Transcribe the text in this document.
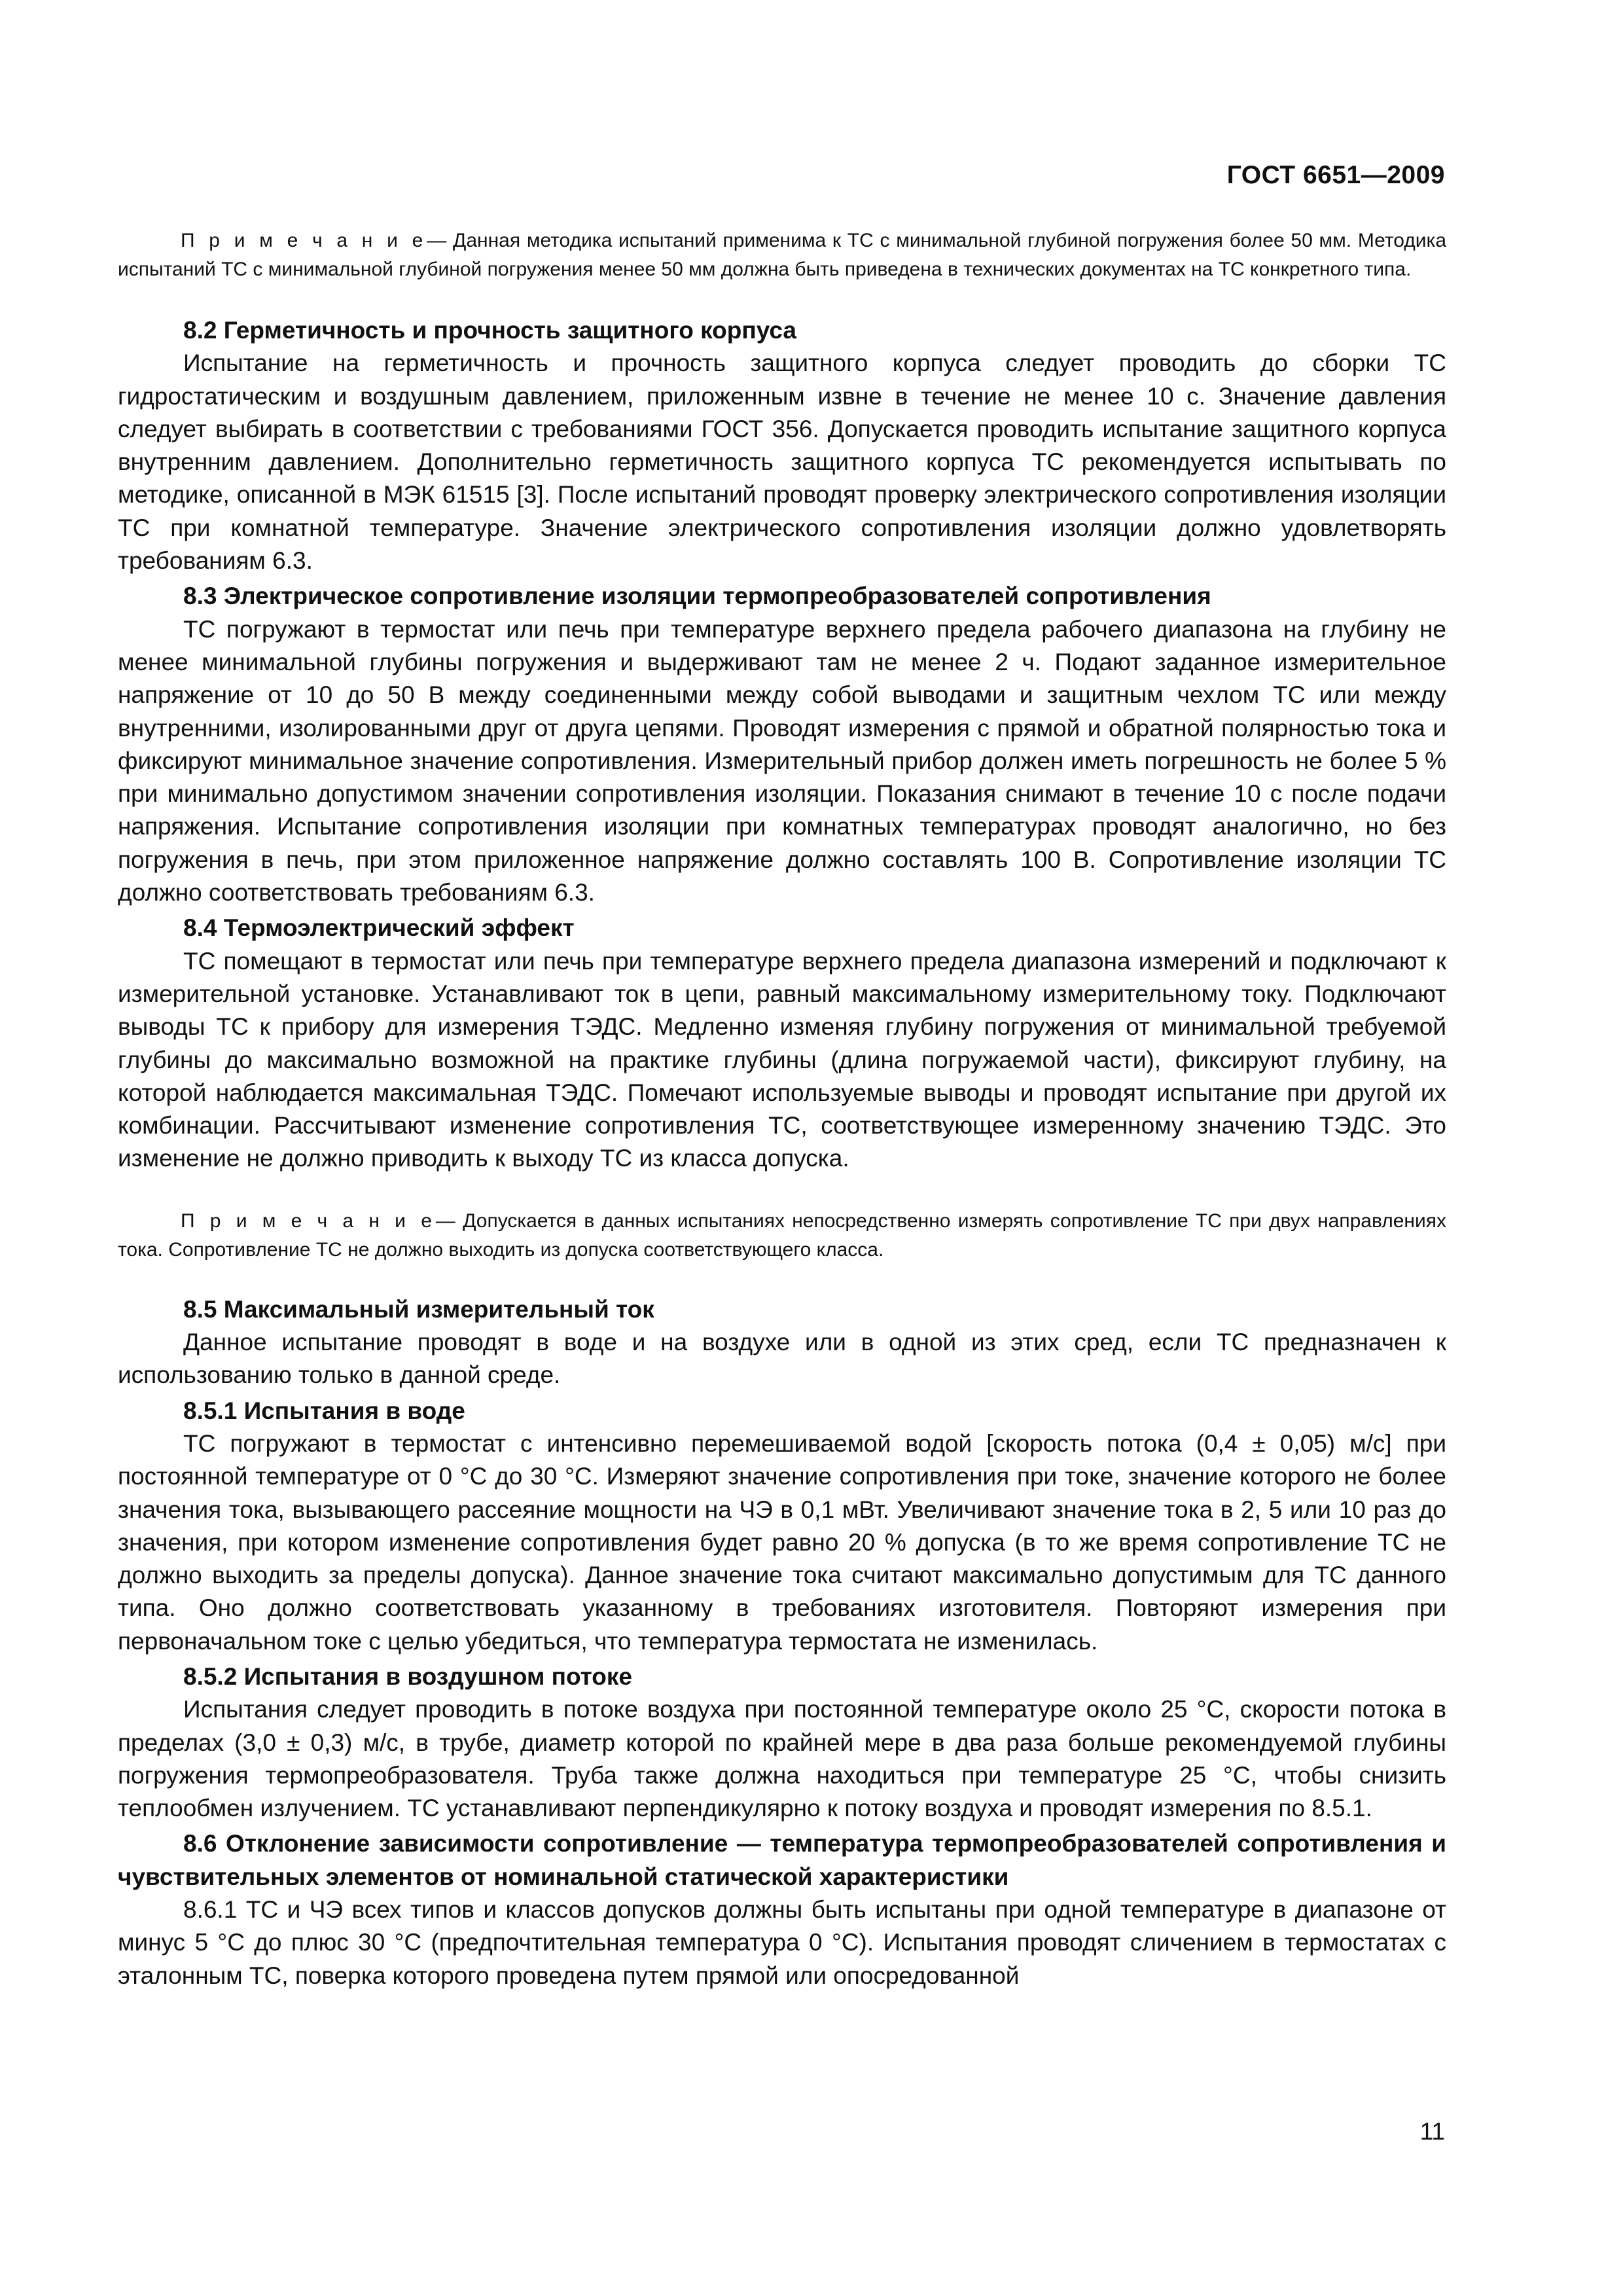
ГОСТ 6651—2009

П р и м е ч а н и е— Данная методика испытаний применима к ТС с минимальной глубиной погружения более 50 мм. Методика испытаний ТС с минимальной глубиной погружения менее 50 мм должна быть приведена в технических документах на ТС конкретного типа.

8.2 Герметичность и прочность защитного корпуса

Испытание на герметичность и прочность защитного корпуса следует проводить до сборки ТС гидростатическим и воздушным давлением, приложенным извне в течение не менее 10 с. Значение давления следует выбирать в соответствии с требованиями ГОСТ 356. Допускается проводить испытание защитного корпуса внутренним давлением. Дополнительно герметичность защитного корпуса ТС рекомендуется испытывать по методике, описанной в МЭК 61515 [3]. После испытаний проводят проверку электрического сопротивления изоляции ТС при комнатной температуре. Значение электрического сопротивления изоляции должно удовлетворять требованиям 6.3.

8.3 Электрическое сопротивление изоляции термопреобразователей сопротивления

ТС погружают в термостат или печь при температуре верхнего предела рабочего диапазона на глубину не менее минимальной глубины погружения и выдерживают там не менее 2 ч. Подают заданное измерительное напряжение от 10 до 50 В между соединенными между собой выводами и защитным чехлом ТС или между внутренними, изолированными друг от друга цепями. Проводят измерения с прямой и обратной полярностью тока и фиксируют минимальное значение сопротивления. Измерительный прибор должен иметь погрешность не более 5 % при минимально допустимом значении сопротивления изоляции. Показания снимают в течение 10 с после подачи напряжения. Испытание сопротивления изоляции при комнатных температурах проводят аналогично, но без погружения в печь, при этом приложенное напряжение должно составлять 100 В. Сопротивление изоляции ТС должно соответствовать требованиям 6.3.

8.4 Термоэлектрический эффект

ТС помещают в термостат или печь при температуре верхнего предела диапазона измерений и подключают к измерительной установке. Устанавливают ток в цепи, равный максимальному измерительному току. Подключают выводы ТС к прибору для измерения ТЭДС. Медленно изменяя глубину погружения от минимальной требуемой глубины до максимально возможной на практике глубины (длина погружаемой части), фиксируют глубину, на которой наблюдается максимальная ТЭДС. Помечают используемые выводы и проводят испытание при другой их комбинации. Рассчитывают изменение сопротивления ТС, соответствующее измеренному значению ТЭДС. Это изменение не должно приводить к выходу ТС из класса допуска.

П р и м е ч а н и е— Допускается в данных испытаниях непосредственно измерять сопротивление ТС при двух направлениях тока. Сопротивление ТС не должно выходить из допуска соответствующего класса.

8.5 Максимальный измерительный ток

Данное испытание проводят в воде и на воздухе или в одной из этих сред, если ТС предназначен к использованию только в данной среде.

8.5.1 Испытания в воде

ТС погружают в термостат с интенсивно перемешиваемой водой [скорость потока (0,4 ± 0,05) м/с] при постоянной температуре от 0 °С до 30 °С. Измеряют значение сопротивления при токе, значение которого не более значения тока, вызывающего рассеяние мощности на ЧЭ в 0,1 мВт. Увеличивают значение тока в 2, 5 или 10 раз до значения, при котором изменение сопротивления будет равно 20 % допуска (в то же время сопротивление ТС не должно выходить за пределы допуска). Данное значение тока считают максимально допустимым для ТС данного типа. Оно должно соответствовать указанному в требованиях изготовителя. Повторяют измерения при первоначальном токе с целью убедиться, что температура термостата не изменилась.

8.5.2 Испытания в воздушном потоке

Испытания следует проводить в потоке воздуха при постоянной температуре около 25 °С, скорости потока в пределах (3,0 ± 0,3) м/с, в трубе, диаметр которой по крайней мере в два раза больше рекомендуемой глубины погружения термопреобразователя. Труба также должна находиться при температуре 25 °С, чтобы снизить теплообмен излучением. ТС устанавливают перпендикулярно к потоку воздуха и проводят измерения по 8.5.1.

8.6 Отклонение зависимости сопротивление — температура термопреобразователей сопротивления и чувствительных элементов от номинальной статической характеристики

8.6.1 ТС и ЧЭ всех типов и классов допусков должны быть испытаны при одной температуре в диапазоне от минус 5 °С до плюс 30 °С (предпочтительная температура 0 °С). Испытания проводят сличением в термостатах с эталонным ТС, поверка которого проведена путем прямой или опосредованной

11
